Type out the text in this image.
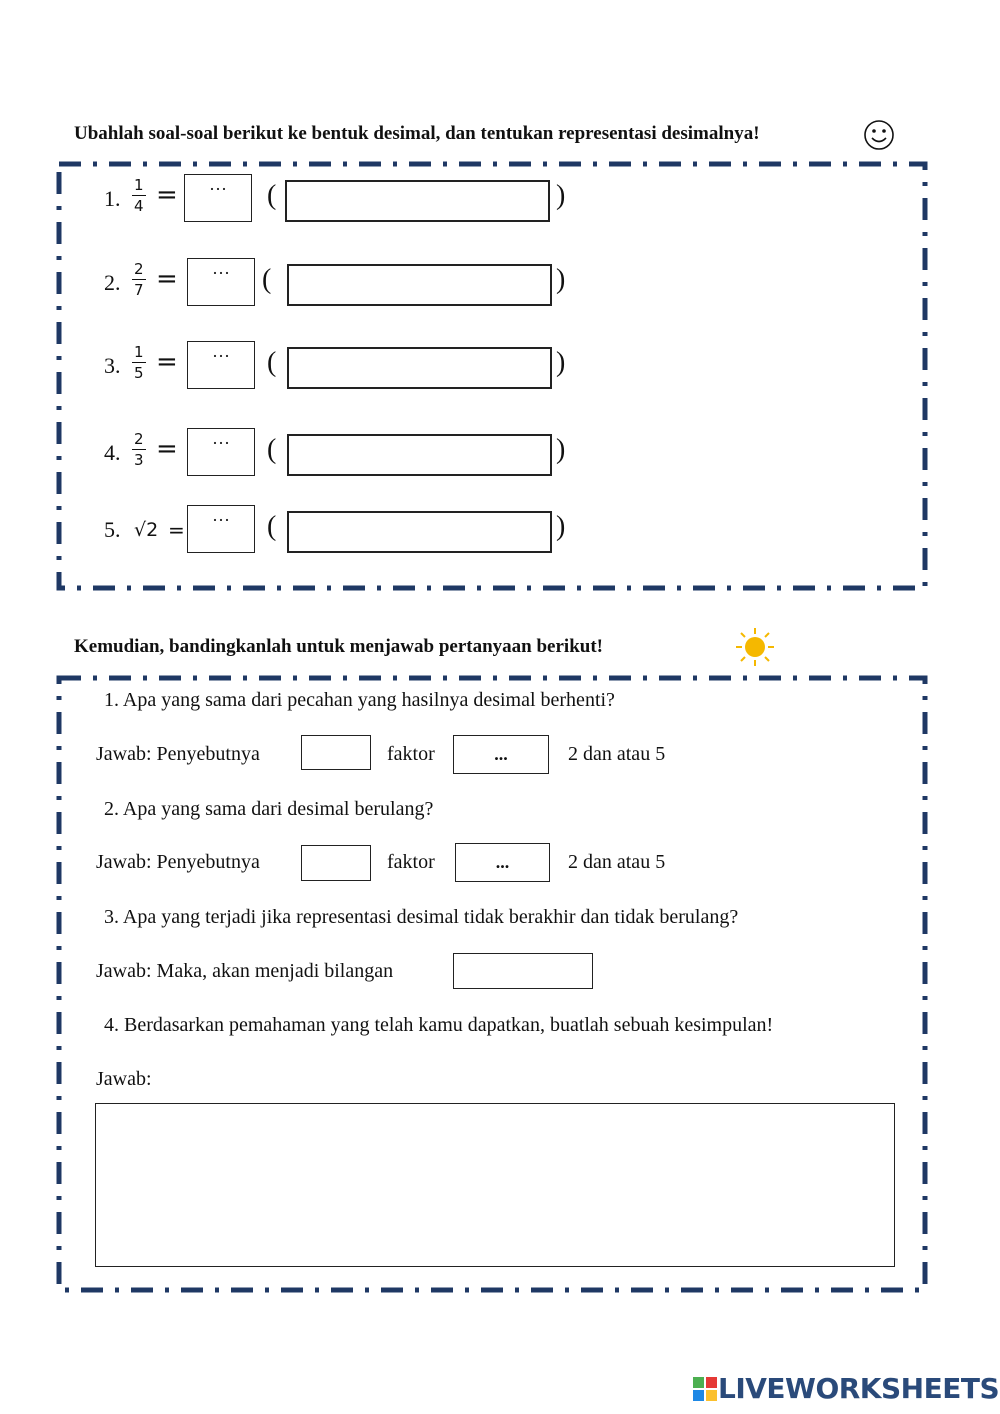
Ubahlah soal-soal berikut ke bentuk desimal, dan tentukan representasi desimalnya!
1. $\frac{1}{4}$ = ··· (	)
2. $\frac{2}{7}$ = ··· (	)
3. $\frac{1}{5}$ = ··· (	)
4. $\frac{2}{3}$ = ··· (	)
5. √2 = ··· (	)
Kemudian, bandingkanlah untuk menjawab pertanyaan berikut!
1. Apa yang sama dari pecahan yang hasilnya desimal berhenti?
Jawab: Penyebutnya	faktor	...	2 dan atau 5
2. Apa yang sama dari desimal berulang?
Jawab: Penyebutnya	faktor	...	2 dan atau 5
3. Apa yang terjadi jika representasi desimal tidak berakhir dan tidak berulang?
Jawab: Maka, akan menjadi bilangan
4. Berdasarkan pemahaman yang telah kamu dapatkan, buatlah sebuah kesimpulan!
Jawab:
LIVEWORKSHEETS
